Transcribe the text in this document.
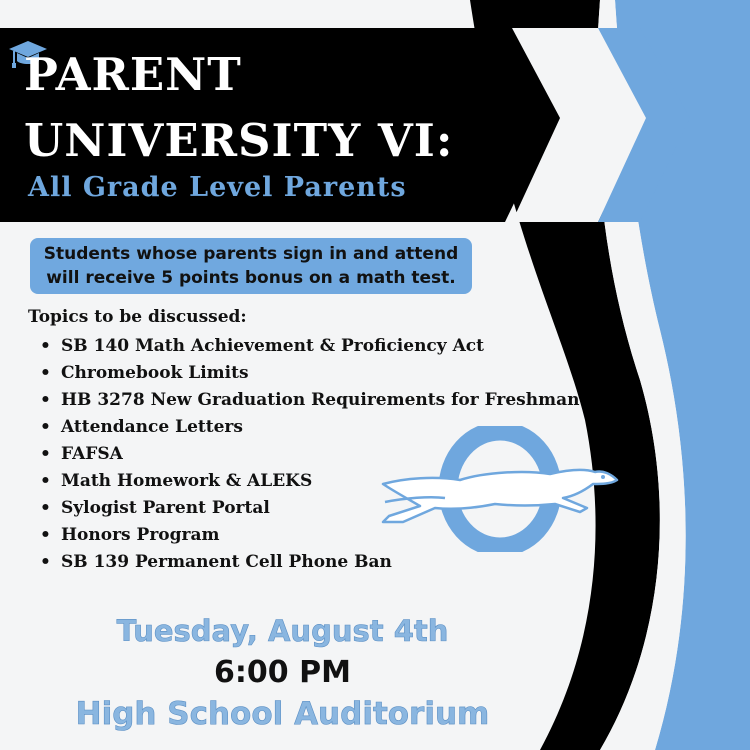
PARENT
UNIVERSITY VI:
All Grade Level Parents
Students whose parents sign in and attend
will receive 5 points bonus on a math test.

Topics to be discussed:

• SB 140 Math Achievement & Proficiency Act
• Chromebook Limits
• HB 3278 New Graduation Requirements for Freshman
• Attendance Letters
• FAFSA
• Math Homework & ALEKS
• Sylogist Parent Portal
• Honors Program
• SB 139 Permanent Cell Phone Ban

Tuesday, August 4th

6:00 PM

High School Auditorium
